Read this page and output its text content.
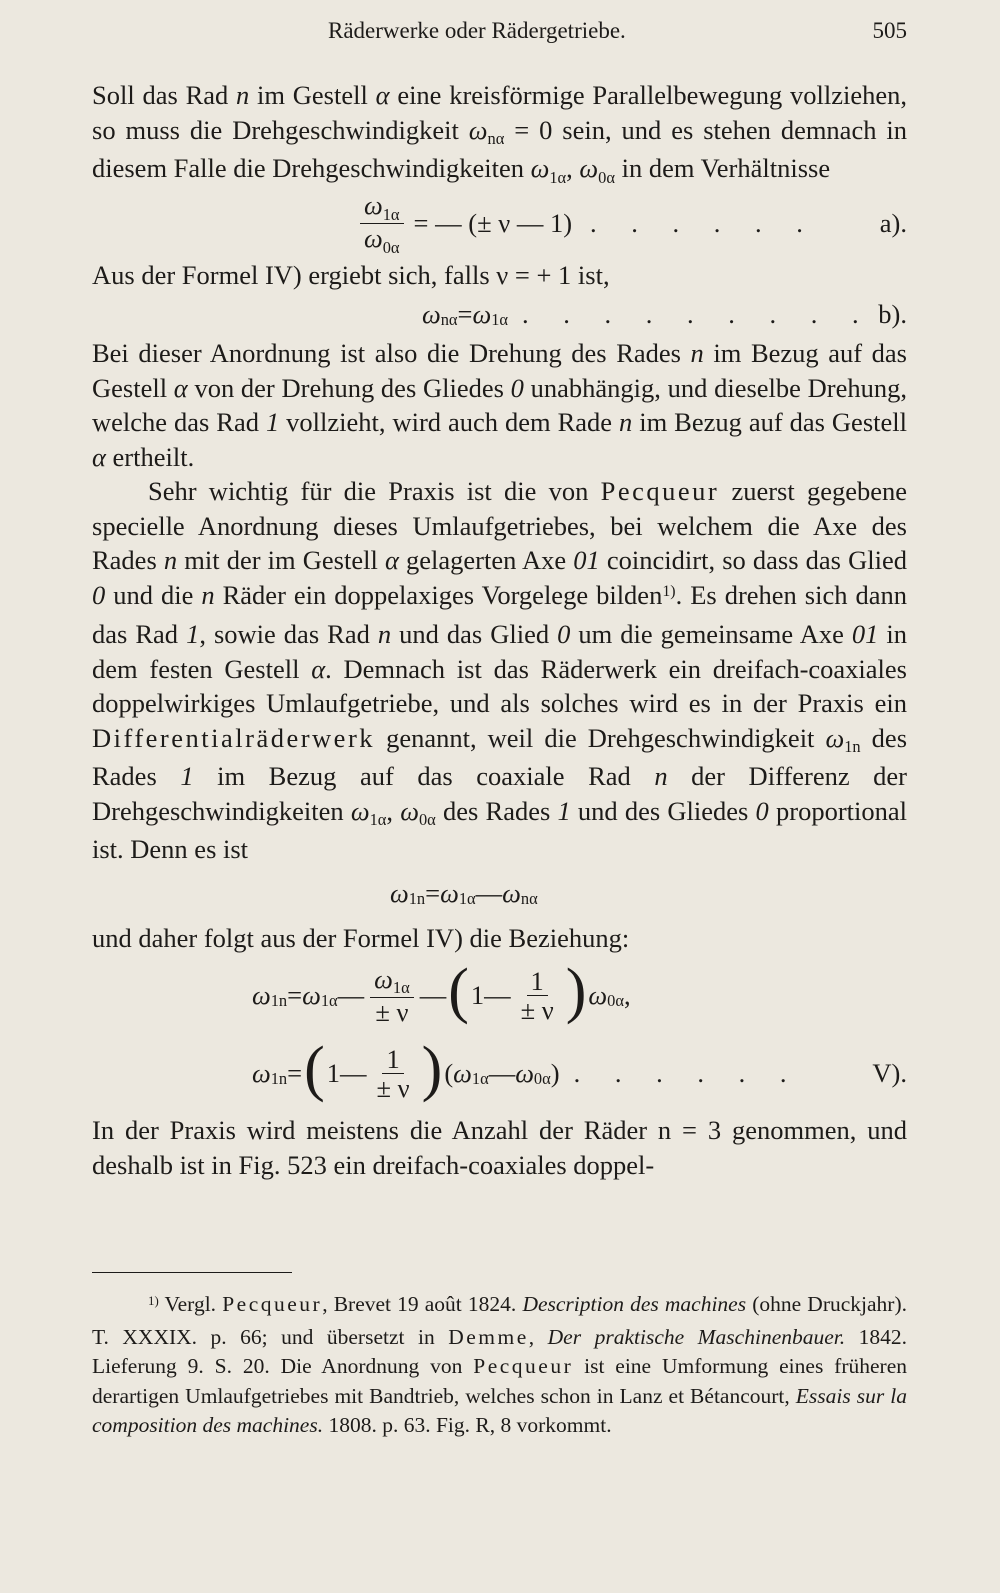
Räderwerke oder Rädergetriebe.	505

Soll das Rad n im Gestell α eine kreisförmige Parallelbewegung vollziehen, so muss die Drehgeschwindigkeit $\omega_{n\alpha} = 0$ sein, und es stehen demnach in diesem Falle die Drehgeschwindigkeiten $\omega_{1\alpha}$, $\omega_{0\alpha}$ in dem Verhältnisse

$\frac{\omega_{1\alpha}}{\omega_{0\alpha}}$ = — (± ν — 1) . . . . . . a).

Aus der Formel IV) ergiebt sich, falls ν = + 1 ist,

ω nα = ω 1α . . . . . . . . . b).

Bei dieser Anordnung ist also die Drehung des Rades n im Bezug auf das Gestell α von der Drehung des Gliedes 0 unabhängig, und dieselbe Drehung, welche das Rad 1 vollzieht, wird auch dem Rade n im Bezug auf das Gestell α ertheilt.

Sehr wichtig für die Praxis ist die von Pecqueur zuerst gegebene specielle Anordnung dieses Umlaufgetriebes, bei welchem die Axe des Rades n mit der im Gestell α gelagerten Axe 01 coincidirt, so dass das Glied 0 und die n Räder ein doppelaxiges Vorgelege bilden$^{1)}$. Es drehen sich dann das Rad 1, sowie das Rad n und das Glied 0 um die gemeinsame Axe 01 in dem festen Gestell α. Demnach ist das Räderwerk ein dreifach-coaxiales doppelwirkiges Umlaufgetriebe, und als solches wird es in der Praxis ein Differentialräderwerk genannt, weil die Drehgeschwindigkeit $\omega_{1n}$ des Rades 1 im Bezug auf das coaxiale Rad n der Differenz der Drehgeschwindigkeiten $\omega_{1\alpha}$, $\omega_{0\alpha}$ des Rades 1 und des Gliedes 0 proportional ist. Denn es ist

ω 1n = ω 1α — ω nα

und daher folgt aus der Formel IV) die Beziehung:

ω 1n = ω 1α — $\frac{\omega_{1\alpha}}{\pm \nu}$ — ( 1 — $\frac{1}{\pm \nu}$ ) ω 0α ,
ω 1n = ( 1 — $\frac{1}{\pm \nu}$ ) ( ω 1α — ω 0α ) . . . . . .	V).

In der Praxis wird meistens die Anzahl der Räder n = 3 genommen, und deshalb ist in Fig. 523 ein dreifach-coaxiales doppel-

$^{1)}$ Vergl. Pecqueur, Brevet 19 août 1824. Description des machines (ohne Druckjahr). T. XXXIX. p. 66; und übersetzt in Demme, Der praktische Maschinenbauer. 1842. Lieferung 9. S. 20. Die Anordnung von Pecqueur ist eine Umformung eines früheren derartigen Umlaufgetriebes mit Bandtrieb, welches schon in Lanz et Bétancourt, Essais sur la composition des machines. 1808. p. 63. Fig. R, 8 vorkommt.
